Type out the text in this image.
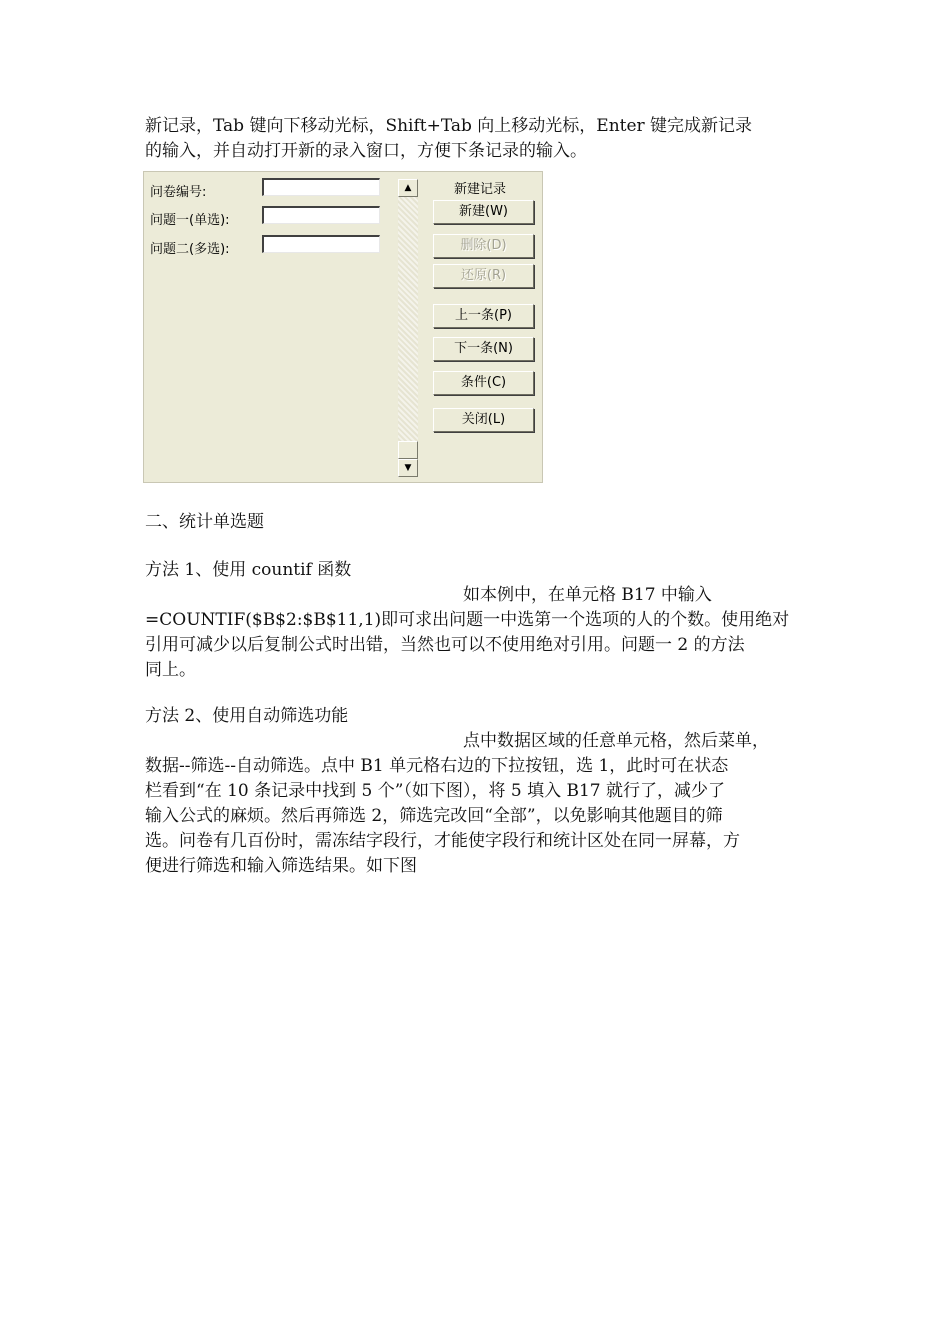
新记录，Tab 键向下移动光标，Shift+Tab 向上移动光标，Enter 键完成新记录

的输入，并自动打开新的录入窗口，方便下条记录的输入。

问卷编号:
问题一(单选):
问题二(多选):
▲
▼
新建记录
新建(W)
删除(D)
还原(R)
上一条(P)
下一条(N)
条件(C)
关闭(L)

二、统计单选题

方法 1、使用 countif 函数

如本例中，在单元格 B17 中输入

=COUNTIF($B$2:$B$11,1)即可求出问题一中选第一个选项的人的个数。使用绝对

引用可减少以后复制公式时出错，当然也可以不使用绝对引用。问题一 2 的方法

同上。

方法 2、使用自动筛选功能

点中数据区域的任意单元格，然后菜单，

数据--筛选--自动筛选。点中 B1 单元格右边的下拉按钮，选 1，此时可在状态

栏看到“在 10 条记录中找到 5 个”（如下图），将 5 填入 B17 就行了，减少了

输入公式的麻烦。然后再筛选 2，筛选完改回“全部”，以免影响其他题目的筛

选。问卷有几百份时，需冻结字段行，才能使字段行和统计区处在同一屏幕，方

便进行筛选和输入筛选结果。如下图
